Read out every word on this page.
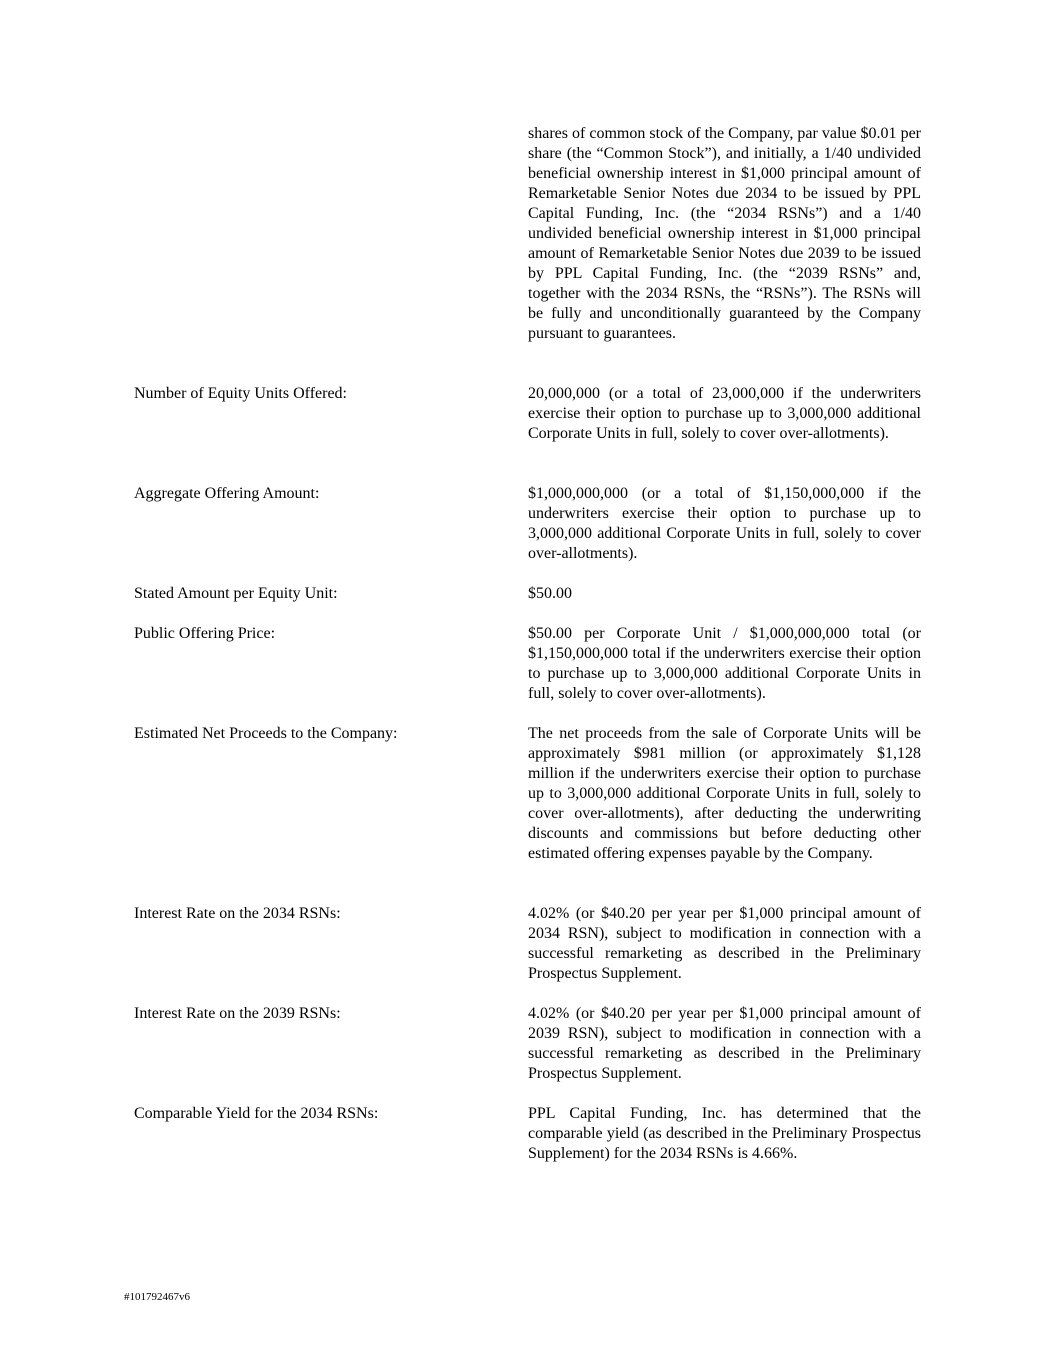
shares of common stock of the Company, par value $0.01 per share (the “Common Stock”), and initially, a 1/40 undivided beneficial ownership interest in $1,000 principal amount of Remarketable Senior Notes due 2034 to be issued by PPL Capital Funding, Inc. (the “2034 RSNs”) and a 1/40 undivided beneficial ownership interest in $1,000 principal amount of Remarketable Senior Notes due 2039 to be issued by PPL Capital Funding, Inc. (the “2039 RSNs” and, together with the 2034 RSNs, the “RSNs”). The RSNs will be fully and unconditionally guaranteed by the Company pursuant to guarantees.

Number of Equity Units Offered:	20,000,000 (or a total of 23,000,000 if the underwriters exercise their option to purchase up to 3,000,000 additional Corporate Units in full, solely to cover over-allotments).

Aggregate Offering Amount:	$1,000,000,000 (or a total of $1,150,000,000 if the underwriters exercise their option to purchase up to 3,000,000 additional Corporate Units in full, solely to cover over-allotments).

Stated Amount per Equity Unit:	$50.00

Public Offering Price:	$50.00 per Corporate Unit / $1,000,000,000 total (or $1,150,000,000 total if the underwriters exercise their option to purchase up to 3,000,000 additional Corporate Units in full, solely to cover over-allotments).

Estimated Net Proceeds to the Company:	The net proceeds from the sale of Corporate Units will be approximately $981 million (or approximately $1,128 million if the underwriters exercise their option to purchase up to 3,000,000 additional Corporate Units in full, solely to cover over-allotments), after deducting the underwriting discounts and commissions but before deducting other estimated offering expenses payable by the Company.

Interest Rate on the 2034 RSNs:	4.02% (or $40.20 per year per $1,000 principal amount of 2034 RSN), subject to modification in connection with a successful remarketing as described in the Preliminary Prospectus Supplement.

Interest Rate on the 2039 RSNs:	4.02% (or $40.20 per year per $1,000 principal amount of 2039 RSN), subject to modification in connection with a successful remarketing as described in the Preliminary Prospectus Supplement.

Comparable Yield for the 2034 RSNs:	PPL Capital Funding, Inc. has determined that the comparable yield (as described in the Preliminary Prospectus Supplement) for the 2034 RSNs is 4.66%.

#101792467v6
